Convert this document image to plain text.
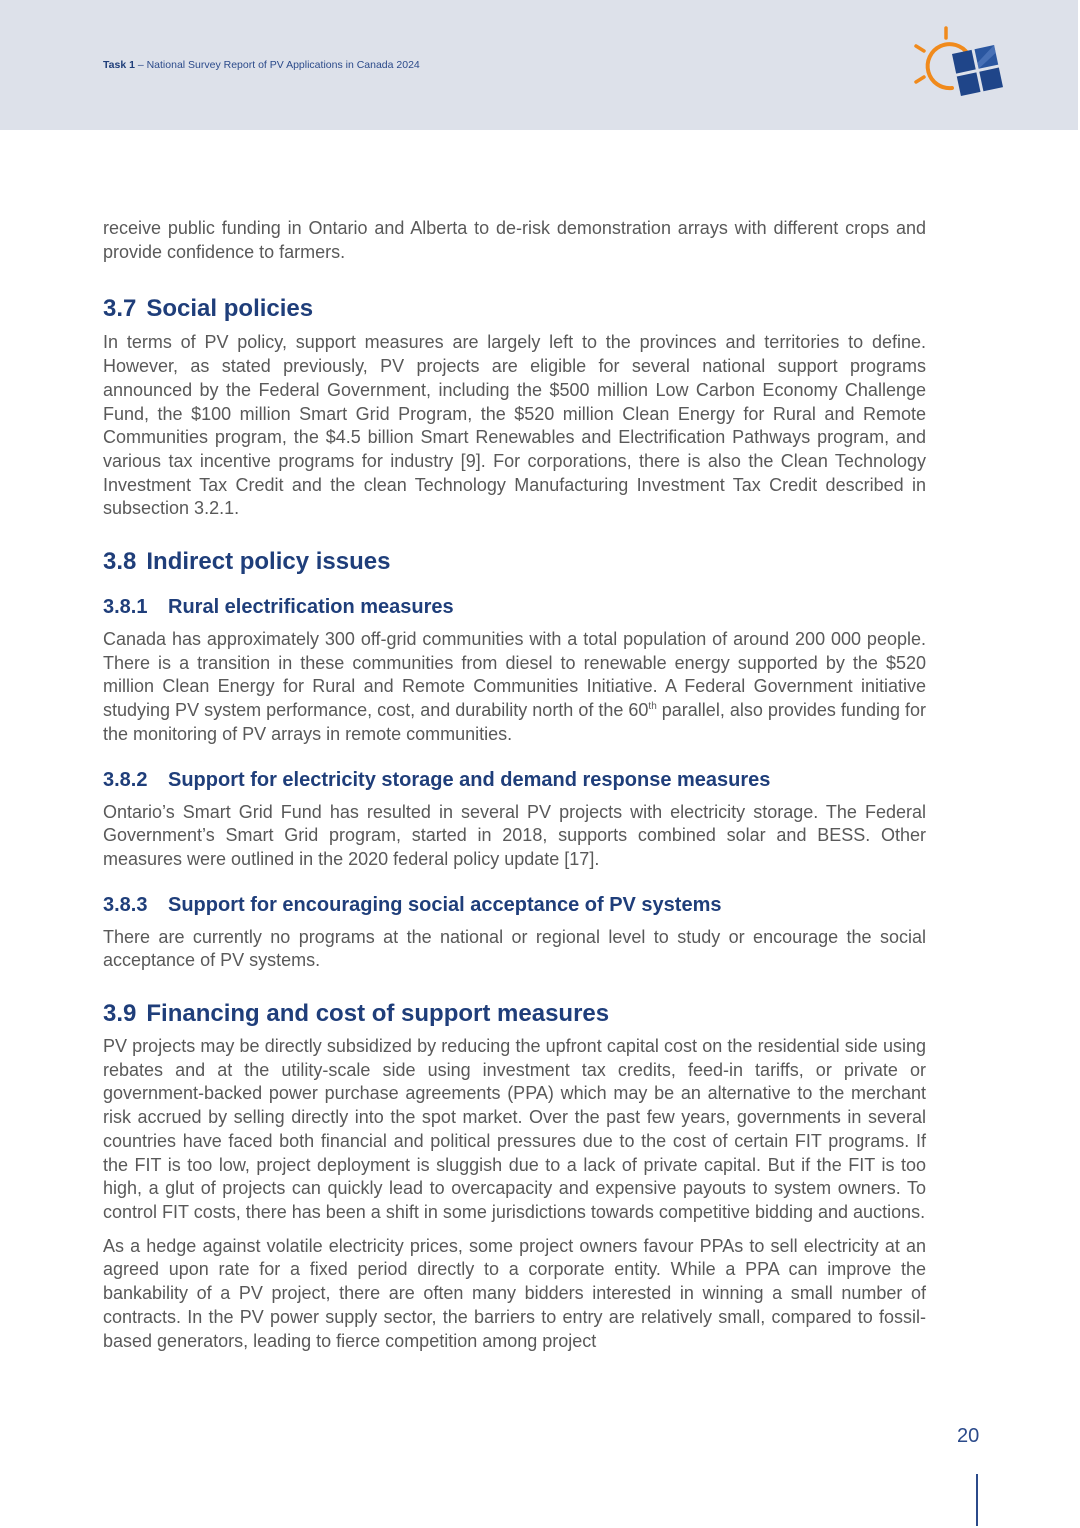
Task 1 – National Survey Report of PV Applications in Canada 2024

receive public funding in Ontario and Alberta to de-risk demonstration arrays with different crops and provide confidence to farmers.

3.7 Social policies

In terms of PV policy, support measures are largely left to the provinces and territories to define. However, as stated previously, PV projects are eligible for several national support programs announced by the Federal Government, including the $500 million Low Carbon Economy Challenge Fund, the $100 million Smart Grid Program, the $520 million Clean Energy for Rural and Remote Communities program, the $4.5 billion Smart Renewables and Electrification Pathways program, and various tax incentive programs for industry [9]. For corporations, there is also the Clean Technology Investment Tax Credit and the clean Technology Manufacturing Investment Tax Credit described in subsection 3.2.1.

3.8 Indirect policy issues
3.8.1 Rural electrification measures

Canada has approximately 300 off-grid communities with a total population of around 200 000 people. There is a transition in these communities from diesel to renewable energy supported by the $520 million Clean Energy for Rural and Remote Communities Initiative. A Federal Government initiative studying PV system performance, cost, and durability north of the 60th parallel, also provides funding for the monitoring of PV arrays in remote communities.

3.8.2 Support for electricity storage and demand response measures

Ontario’s Smart Grid Fund has resulted in several PV projects with electricity storage. The Federal Government’s Smart Grid program, started in 2018, supports combined solar and BESS. Other measures were outlined in the 2020 federal policy update [17].

3.8.3 Support for encouraging social acceptance of PV systems

There are currently no programs at the national or regional level to study or encourage the social acceptance of PV systems.

3.9 Financing and cost of support measures

PV projects may be directly subsidized by reducing the upfront capital cost on the residential side using rebates and at the utility-scale side using investment tax credits, feed-in tariffs, or private or government-backed power purchase agreements (PPA) which may be an alternative to the merchant risk accrued by selling directly into the spot market. Over the past few years, governments in several countries have faced both financial and political pressures due to the cost of certain FIT programs. If the FIT is too low, project deployment is sluggish due to a lack of private capital. But if the FIT is too high, a glut of projects can quickly lead to overcapacity and expensive payouts to system owners. To control FIT costs, there has been a shift in some jurisdictions towards competitive bidding and auctions.

As a hedge against volatile electricity prices, some project owners favour PPAs to sell electricity at an agreed upon rate for a fixed period directly to a corporate entity. While a PPA can improve the bankability of a PV project, there are often many bidders interested in winning a small number of contracts. In the PV power supply sector, the barriers to entry are relatively small, compared to fossil-based generators, leading to fierce competition among project

20
